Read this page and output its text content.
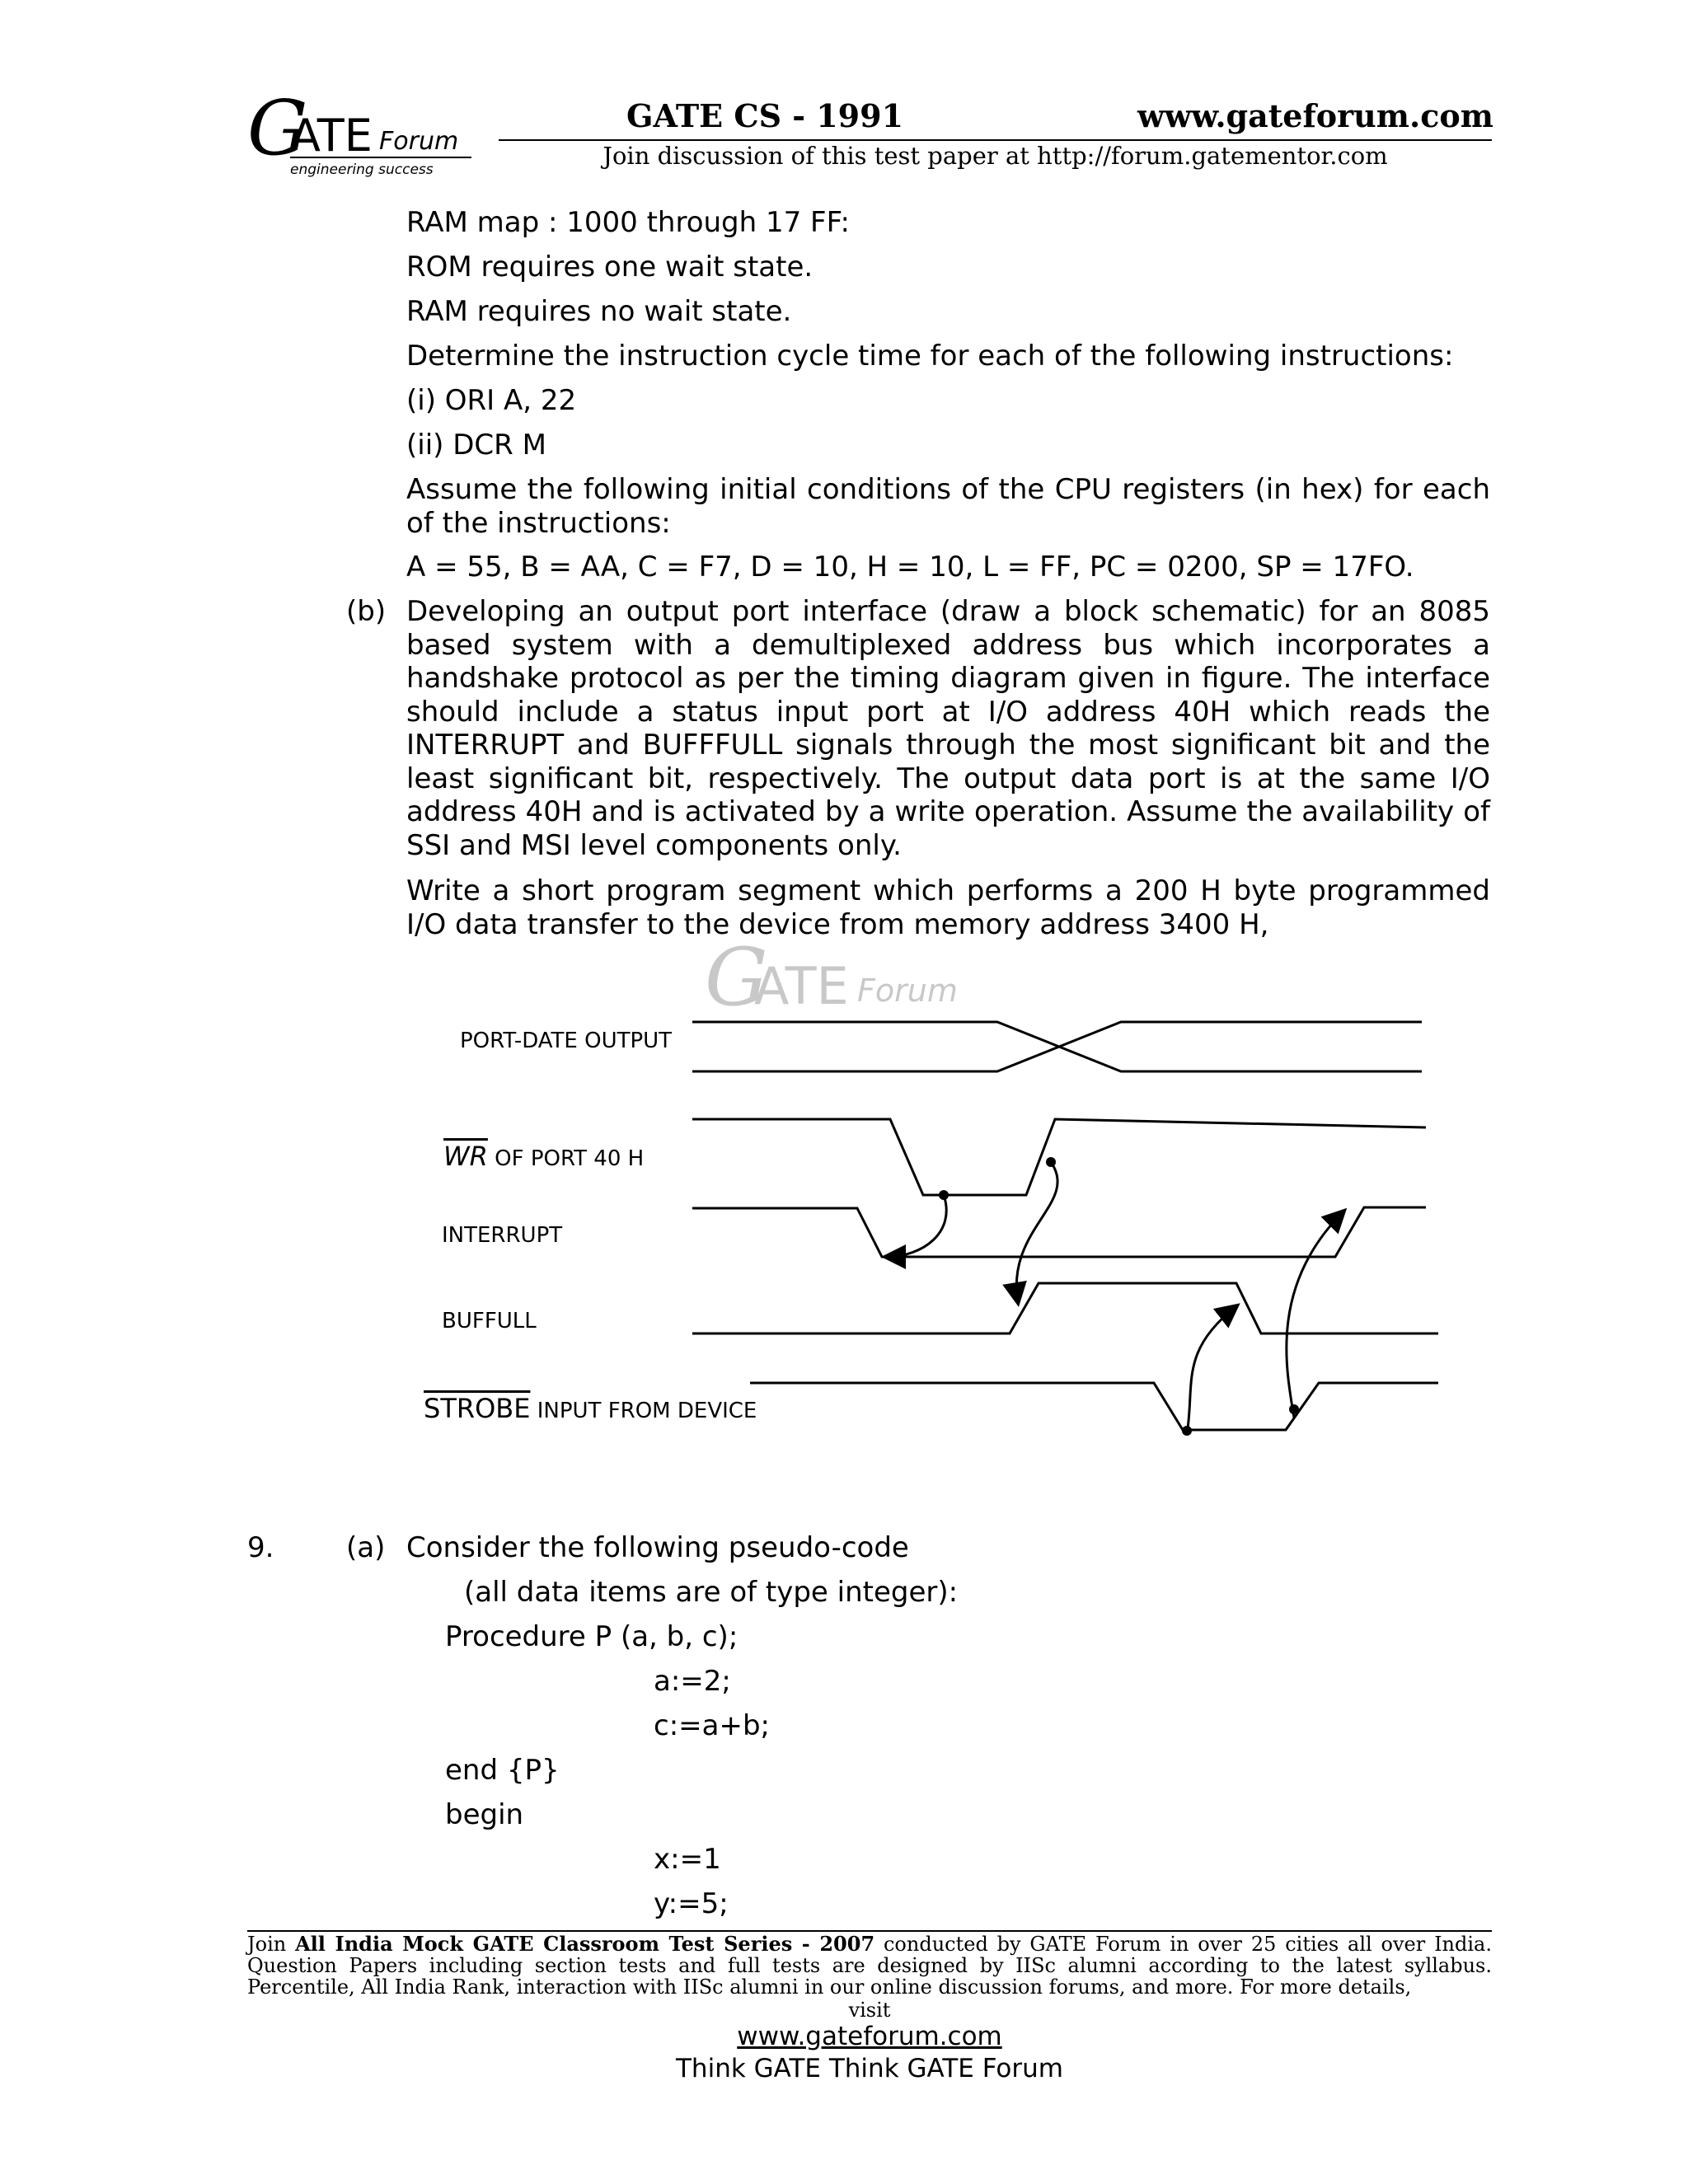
G
ATE Forum
engineering success
GATE CS - 1991	www.gateforum.com
Join discussion of this test paper at http://forum.gatementor.com
RAM map : 1000 through 17 FF:
ROM requires one wait state.
RAM requires no wait state.
Determine the instruction cycle time for each of the following instructions:
(i) ORI A, 22
(ii) DCR M
Assume the following initial conditions of the CPU registers (in hex) for each of the instructions:
A = 55, B = AA, C = F7, D = 10, H = 10, L = FF, PC = 0200, SP = 17FO.
(b) Developing an output port interface (draw a block schematic) for an 8085 based system with a demultiplexed address bus which incorporates a handshake protocol as per the timing diagram given in figure. The interface should include a status input port at I/O address 40H which reads the INTERRUPT and BUFFFULL signals through the most significant bit and the least significant bit, respectively. The output data port is at the same I/O address 40H and is activated by a write operation. Assume the availability of SSI and MSI level components only.
Write a short program segment which performs a 200 H byte programmed I/O data transfer to the device from memory address 3400 H,
G
ATE Forum
PORT-DATE OUTPUT
$\overline{WR}$ OF PORT 40 H
INTERRUPT
BUFFULL
STROBE INPUT FROM DEVICE
9.	(a) Consider the following pseudo-code
(all data items are of type integer):
Procedure P (a, b, c);
a:=2;
c:=a+b;
end {P}
begin
x:=1
y:=5;
Join All India Mock GATE Classroom Test Series - 2007 conducted by GATE Forum in over 25 cities all over India. Question Papers including section tests and full tests are designed by IISc alumni according to the latest syllabus. Percentile, All India Rank, interaction with IISc alumni in our online discussion forums, and more. For more details,
visit
www.gateforum.com
Think GATE Think GATE Forum
